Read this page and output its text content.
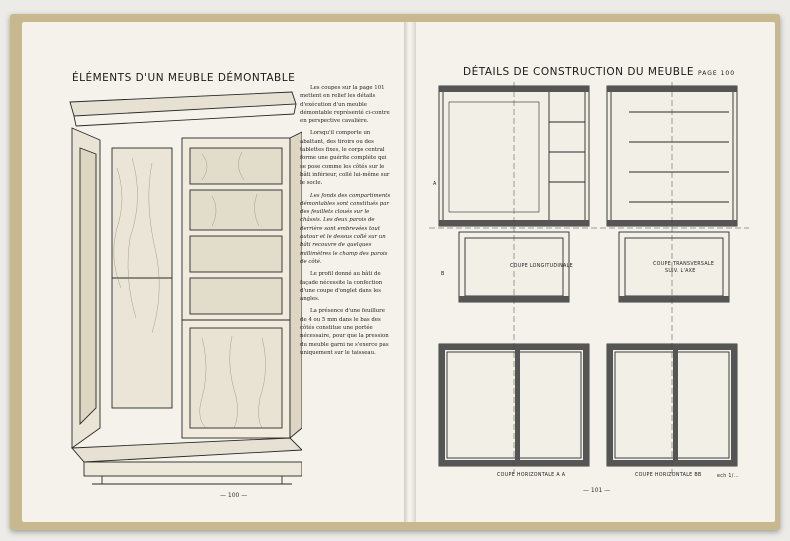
ÉLÉMENTS D'UN MEUBLE DÉMONTABLE

Les coupes sur la page 101 mettent en relief les détails d'exécution d'un meuble démontable représenté ci-contre en perspective cavalière.

Lorsqu'il comporte un abattant, des tiroirs ou des tablettes fixes, le corps central forme une guérite complète qui se pose comme les côtés sur le bâti inférieur, collé lui-même sur le socle.

Les fonds des compartiments démontables sont constitués par des feuillets cloués sur le châssis. Les deux parois de derrière sont embrevées tout autour et le dessus collé sur un bâti recouvre de quelques millimètres le champ des parois de côté.

Le profil donné au bâti de façade nécessite la confection d'une coupe d'onglet dans les angles.

La présence d'une feuillure de 4 ou 5 mm dans le bas des côtés constitue une portée nécessaire, pour que la pression du meuble garni ne s'exerce pas uniquement sur le taisseau.

— 100 —
DÉTAILS DE CONSTRUCTION DU MEUBLE PAGE 100
COUPE LONGITUDINALE	COUPE TRANSVERSALE
SUIV. L'AXE
COUPE HORIZONTALE A A	COUPE HORIZONTALE BB
A
B
ech 1/...
— 101 —
